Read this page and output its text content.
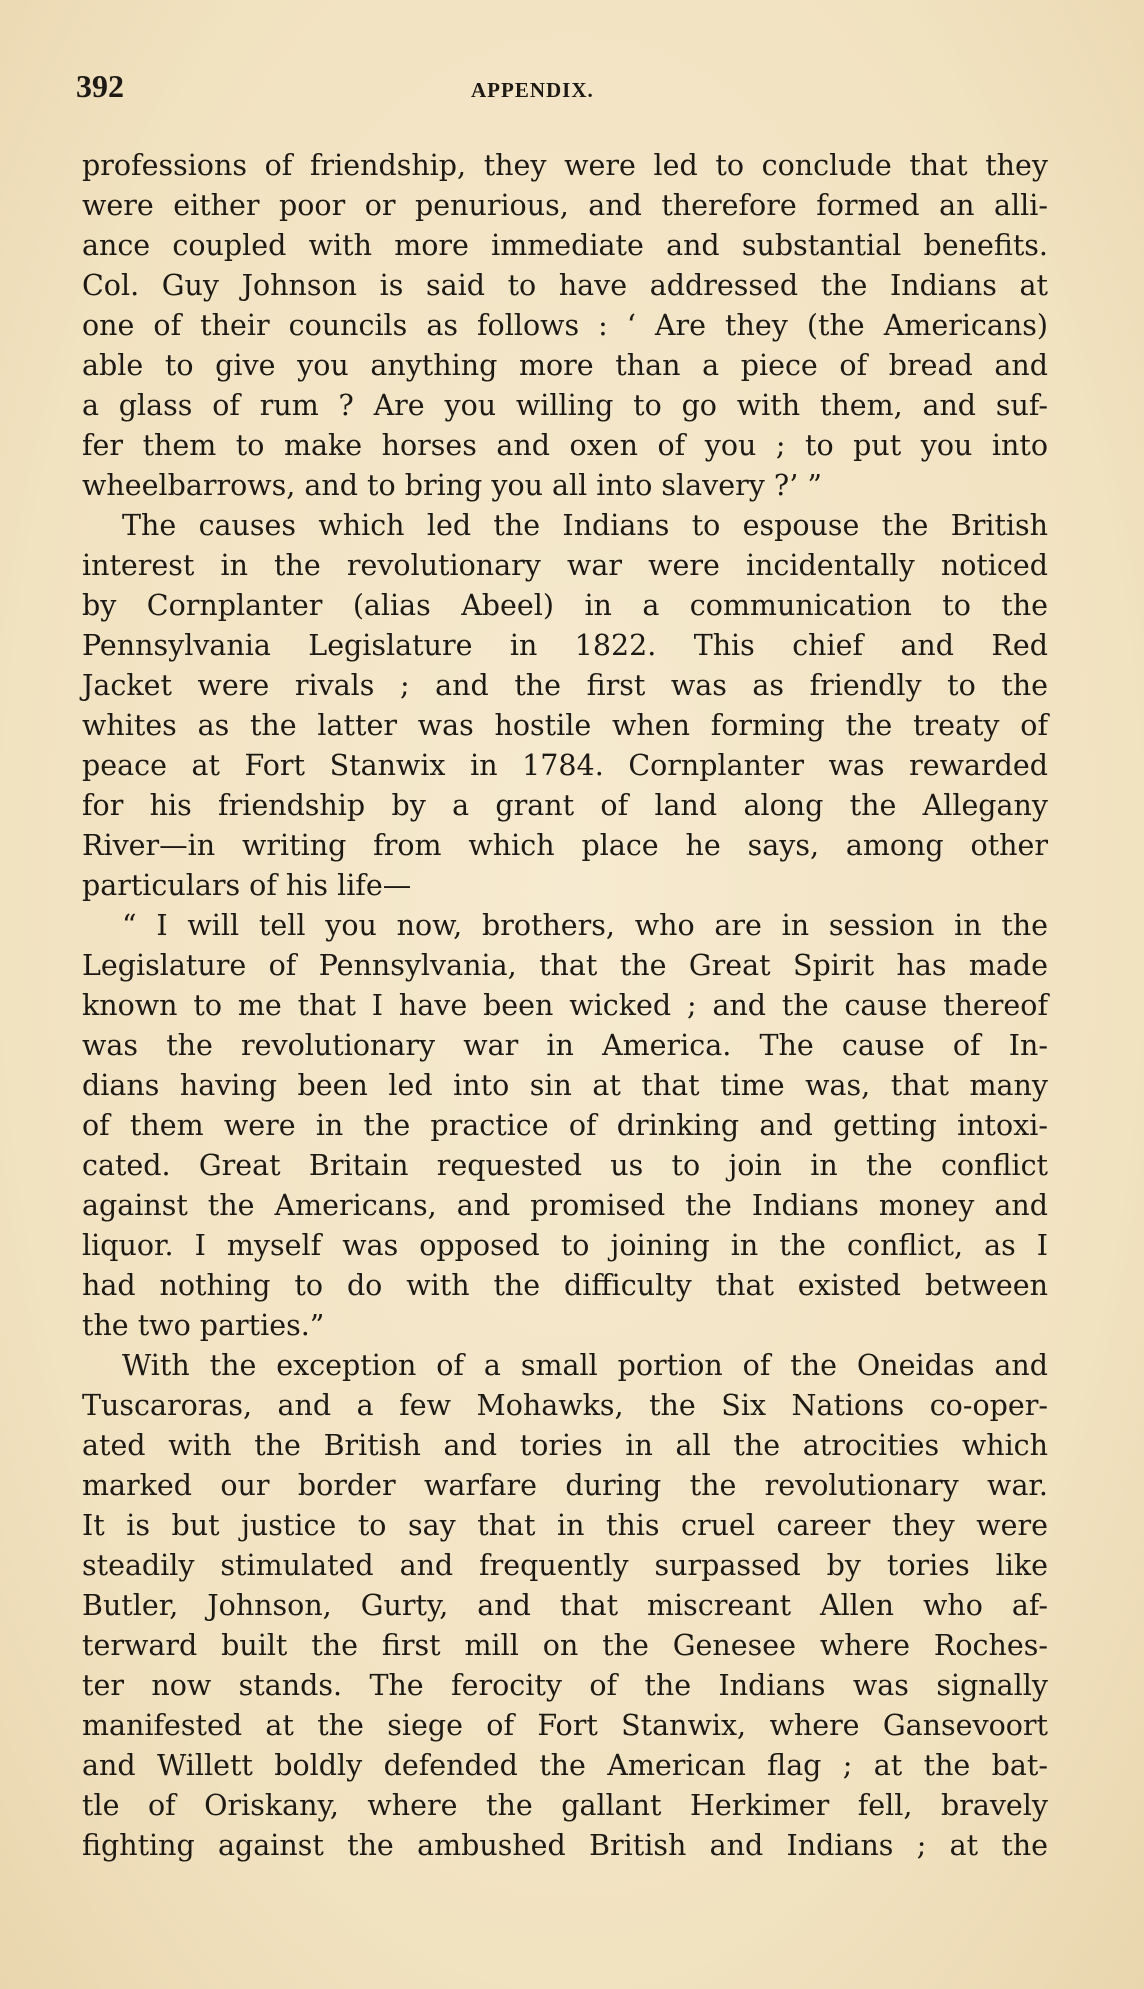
392	APPENDIX.
professions of friendship, they were led to conclude that they
were either poor or penurious, and therefore formed an alli-
ance coupled with more immediate and substantial benefits.
Col. Guy Johnson is said to have addressed the Indians at
one of their councils as follows : ‘ Are they (the Americans)
able to give you anything more than a piece of bread and
a glass of rum ? Are you willing to go with them, and suf-
fer them to make horses and oxen of you ; to put you into
wheelbarrows, and to bring you all into slavery ?’ ”
The causes which led the Indians to espouse the British
interest in the revolutionary war were incidentally noticed
by Cornplanter (alias Abeel) in a communication to the
Pennsylvania Legislature in 1822. This chief and Red
Jacket were rivals ; and the first was as friendly to the
whites as the latter was hostile when forming the treaty of
peace at Fort Stanwix in 1784. Cornplanter was rewarded
for his friendship by a grant of land along the Allegany
River—in writing from which place he says, among other
particulars of his life—
“ I will tell you now, brothers, who are in session in the
Legislature of Pennsylvania, that the Great Spirit has made
known to me that I have been wicked ; and the cause thereof
was the revolutionary war in America. The cause of In-
dians having been led into sin at that time was, that many
of them were in the practice of drinking and getting intoxi-
cated. Great Britain requested us to join in the conflict
against the Americans, and promised the Indians money and
liquor. I myself was opposed to joining in the conflict, as I
had nothing to do with the difficulty that existed between
the two parties.”
With the exception of a small portion of the Oneidas and
Tuscaroras, and a few Mohawks, the Six Nations co-oper-
ated with the British and tories in all the atrocities which
marked our border warfare during the revolutionary war.
It is but justice to say that in this cruel career they were
steadily stimulated and frequently surpassed by tories like
Butler, Johnson, Gurty, and that miscreant Allen who af-
terward built the first mill on the Genesee where Roches-
ter now stands. The ferocity of the Indians was signally
manifested at the siege of Fort Stanwix, where Gansevoort
and Willett boldly defended the American flag ; at the bat-
tle of Oriskany, where the gallant Herkimer fell, bravely
fighting against the ambushed British and Indians ; at the
